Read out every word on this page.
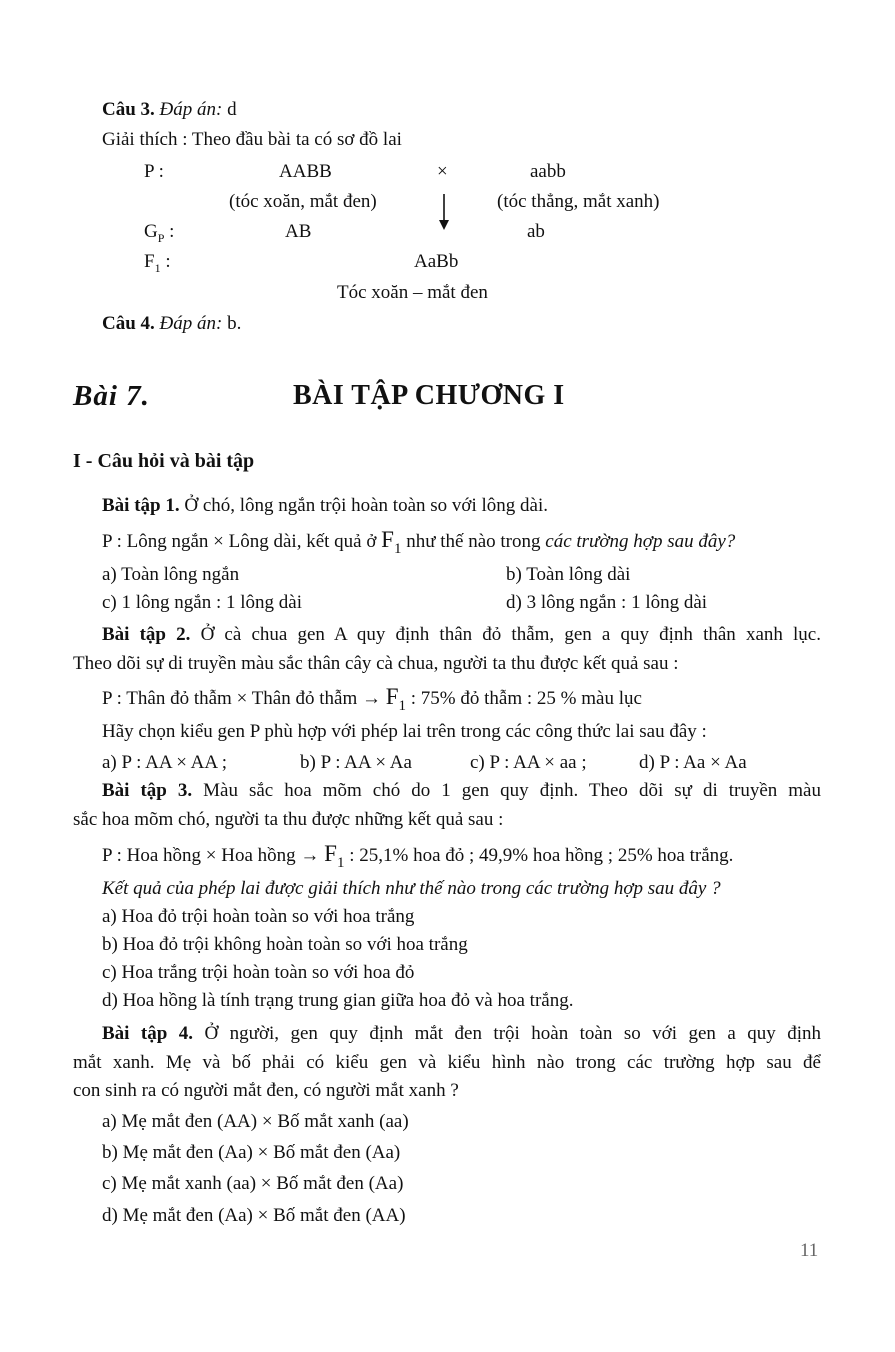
Câu 3. Đáp án: d
Giải thích : Theo đầu bài ta có sơ đồ lai
P :	AABB	×	aabb
(tóc xoăn, mắt đen)	(tóc thẳng, mắt xanh)
$G_P$ :	AB	ab
$F_1$ :	AaBb
Tóc xoăn – mắt đen
Câu 4. Đáp án: b.
Bài 7.	BÀI TẬP CHƯƠNG I
I - Câu hỏi và bài tập
Bài tập 1. Ở chó, lông ngắn trội hoàn toàn so với lông dài.
P : Lông ngắn × Lông dài, kết quả ở $F_1$ như thế nào trong các trường hợp sau đây?
a) Toàn lông ngắn	b) Toàn lông dài
c) 1 lông ngắn : 1 lông dài	d) 3 lông ngắn : 1 lông dài
Bài tập 2. Ở cà chua gen A quy định thân đỏ thẫm, gen a quy định thân xanh lục.
Theo dõi sự di truyền màu sắc thân cây cà chua, người ta thu được kết quả sau :
P : Thân đỏ thẫm × Thân đỏ thẫm → $F_1$ : 75% đỏ thẫm : 25 % màu lục
Hãy chọn kiểu gen P phù hợp với phép lai trên trong các công thức lai sau đây :
a) P : AA × AA ;	b) P : AA × Aa	c) P : AA × aa ;	d) P : Aa × Aa
Bài tập 3. Màu sắc hoa mõm chó do 1 gen quy định. Theo dõi sự di truyền màu
sắc hoa mõm chó, người ta thu được những kết quả sau :
P : Hoa hồng × Hoa hồng → $F_1$ : 25,1% hoa đỏ ; 49,9% hoa hồng ; 25% hoa trắng.
Kết quả của phép lai được giải thích như thế nào trong các trường hợp sau đây ?
a) Hoa đỏ trội hoàn toàn so với hoa trắng
b) Hoa đỏ trội không hoàn toàn so với hoa trắng
c) Hoa trắng trội hoàn toàn so với hoa đỏ
d) Hoa hồng là tính trạng trung gian giữa hoa đỏ và hoa trắng.
Bài tập 4. Ở người, gen quy định mắt đen trội hoàn toàn so với gen a quy định
mắt xanh. Mẹ và bố phải có kiểu gen và kiểu hình nào trong các trường hợp sau để
con sinh ra có người mắt đen, có người mắt xanh ?
a) Mẹ mắt đen (AA) × Bố mắt xanh (aa)
b) Mẹ mắt đen (Aa) × Bố mắt đen (Aa)
c) Mẹ mắt xanh (aa) × Bố mắt đen (Aa)
d) Mẹ mắt đen (Aa) × Bố mắt đen (AA)
11
